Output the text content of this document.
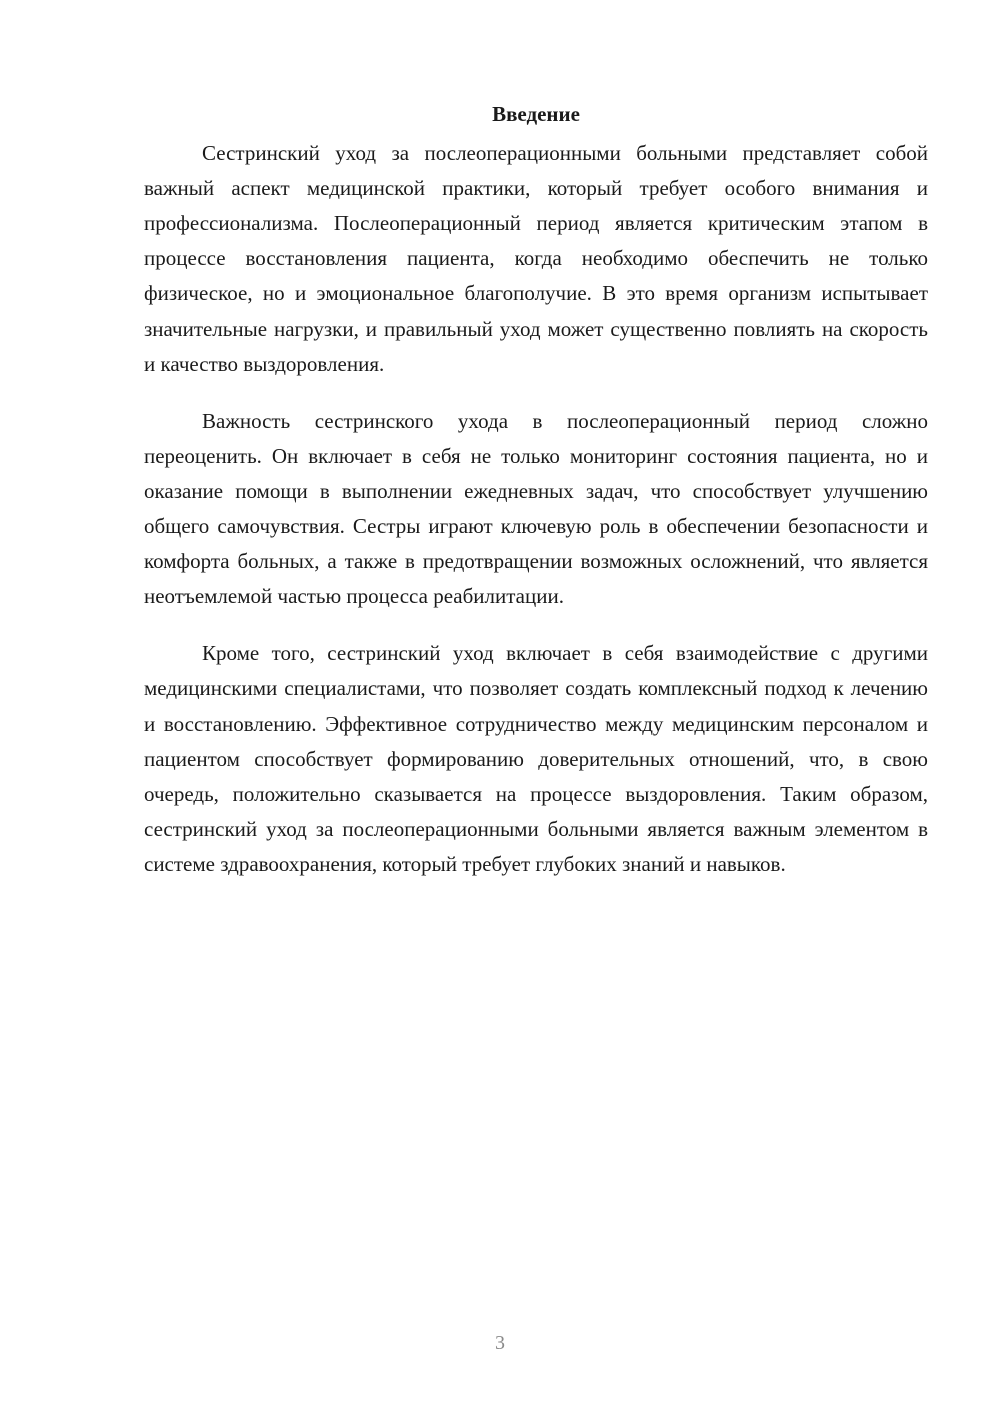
Введение

Сестринский уход за послеоперационными больными представляет собой важный аспект медицинской практики, который требует особого внимания и профессионализма. Послеоперационный период является критическим этапом в процессе восстановления пациента, когда необходимо обеспечить не только физическое, но и эмоциональное благополучие. В это время организм испытывает значительные нагрузки, и правильный уход может существенно повлиять на скорость и качество выздоровления.

Важность сестринского ухода в послеоперационный период сложно переоценить. Он включает в себя не только мониторинг состояния пациента, но и оказание помощи в выполнении ежедневных задач, что способствует улучшению общего самочувствия. Сестры играют ключевую роль в обеспечении безопасности и комфорта больных, а также в предотвращении возможных осложнений, что является неотъемлемой частью процесса реабилитации.

Кроме того, сестринский уход включает в себя взаимодействие с другими медицинскими специалистами, что позволяет создать комплексный подход к лечению и восстановлению. Эффективное сотрудничество между медицинским персоналом и пациентом способствует формированию доверительных отношений, что, в свою очередь, положительно сказывается на процессе выздоровления. Таким образом, сестринский уход за послеоперационными больными является важным элементом в системе здравоохранения, который требует глубоких знаний и навыков.

3
